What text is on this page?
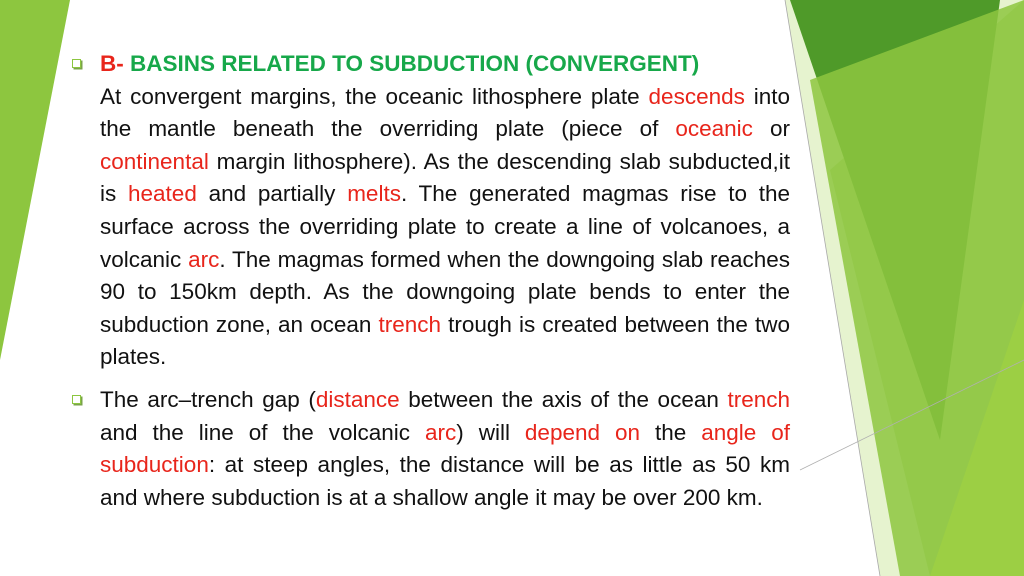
B- BASINS RELATED TO SUBDUCTION (CONVERGENT)
At convergent margins, the oceanic lithosphere plate descends into the mantle beneath the overriding plate (piece of oceanic or continental margin lithosphere). As the descending slab subducted,it is heated and partially melts. The generated magmas rise to the surface across the overriding plate to create a line of volcanoes, a volcanic arc. The magmas formed when the downgoing slab reaches 90 to 150km depth. As the downgoing plate bends to enter the subduction zone, an ocean trench trough is created between the two plates.
The arc–trench gap (distance between the axis of the ocean trench and the line of the volcanic arc) will depend on the angle of subduction: at steep angles, the distance will be as little as 50 km and where subduction is at a shallow angle it may be over 200 km.
